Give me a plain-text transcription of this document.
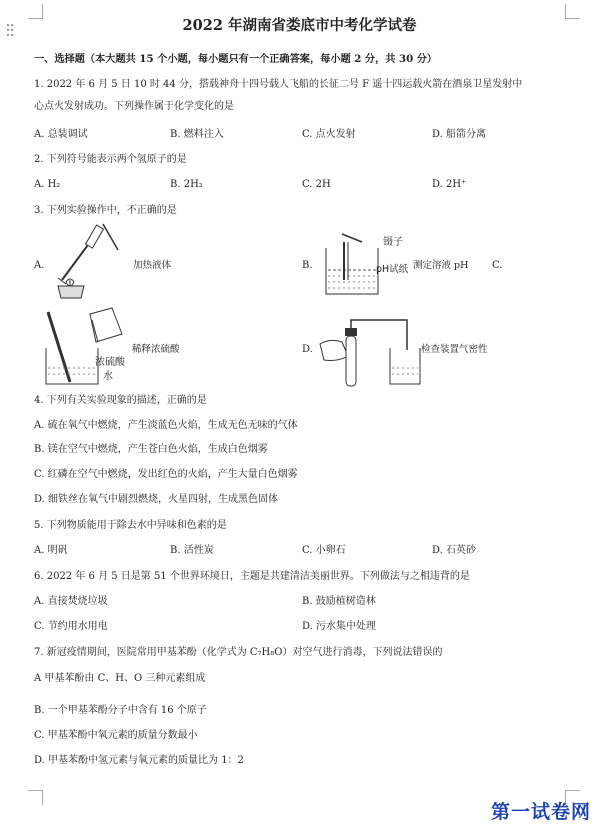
2022 年湖南省娄底市中考化学试卷
一、选择题（本大题共 15 个小题，每小题只有一个正确答案，每小题 2 分，共 30 分）
1. 2022 年 6 月 5 日 10 时 44 分，搭载神舟十四号载人飞船的长征二号 F 遥十四运载火箭在酒泉卫星发射中
心点火发射成功。下列操作属于化学变化的是
A. 总装调试	B. 燃料注入	C. 点火发射	D. 船箭分离
2. 下列符号能表示两个氢原子的是
A. H₂	B. 2H₂	C. 2H	D. 2H⁺
3. 下列实验操作中，不正确的是
A.	加热液体	B.
镊子
pH试纸 测定溶液 pH C.
稀释浓硫酸
浓硫酸
水
D.	检查装置气密性
4. 下列有关实验现象的描述，正确的是
A. 硫在氧气中燃烧，产生淡蓝色火焰，生成无色无味的气体
B. 镁在空气中燃烧，产生苍白色火焰，生成白色烟雾
C. 红磷在空气中燃烧，发出红色的火焰，产生大量白色烟雾
D. 细铁丝在氧气中剧烈燃烧，火星四射，生成黑色固体
5. 下列物质能用于除去水中异味和色素的是
A. 明矾	B. 活性炭	C. 小卵石	D. 石英砂
6. 2022 年 6 月 5 日是第 51 个世界环境日，主题是共建清洁美丽世界。下列做法与之相违背的是
A. 直接焚烧垃圾	B. 鼓励植树造林
C. 节约用水用电	D. 污水集中处理
7. 新冠疫情期间，医院常用甲基苯酚（化学式为 C₇H₈O）对空气进行消毒，下列说法错误的
A 甲基苯酚由 C、H、O 三种元素组成
B. 一个甲基苯酚分子中含有 16 个原子
C. 甲基苯酚中氧元素的质量分数最小
D. 甲基苯酚中氢元素与氧元素的质量比为 1：2
第一试卷网
